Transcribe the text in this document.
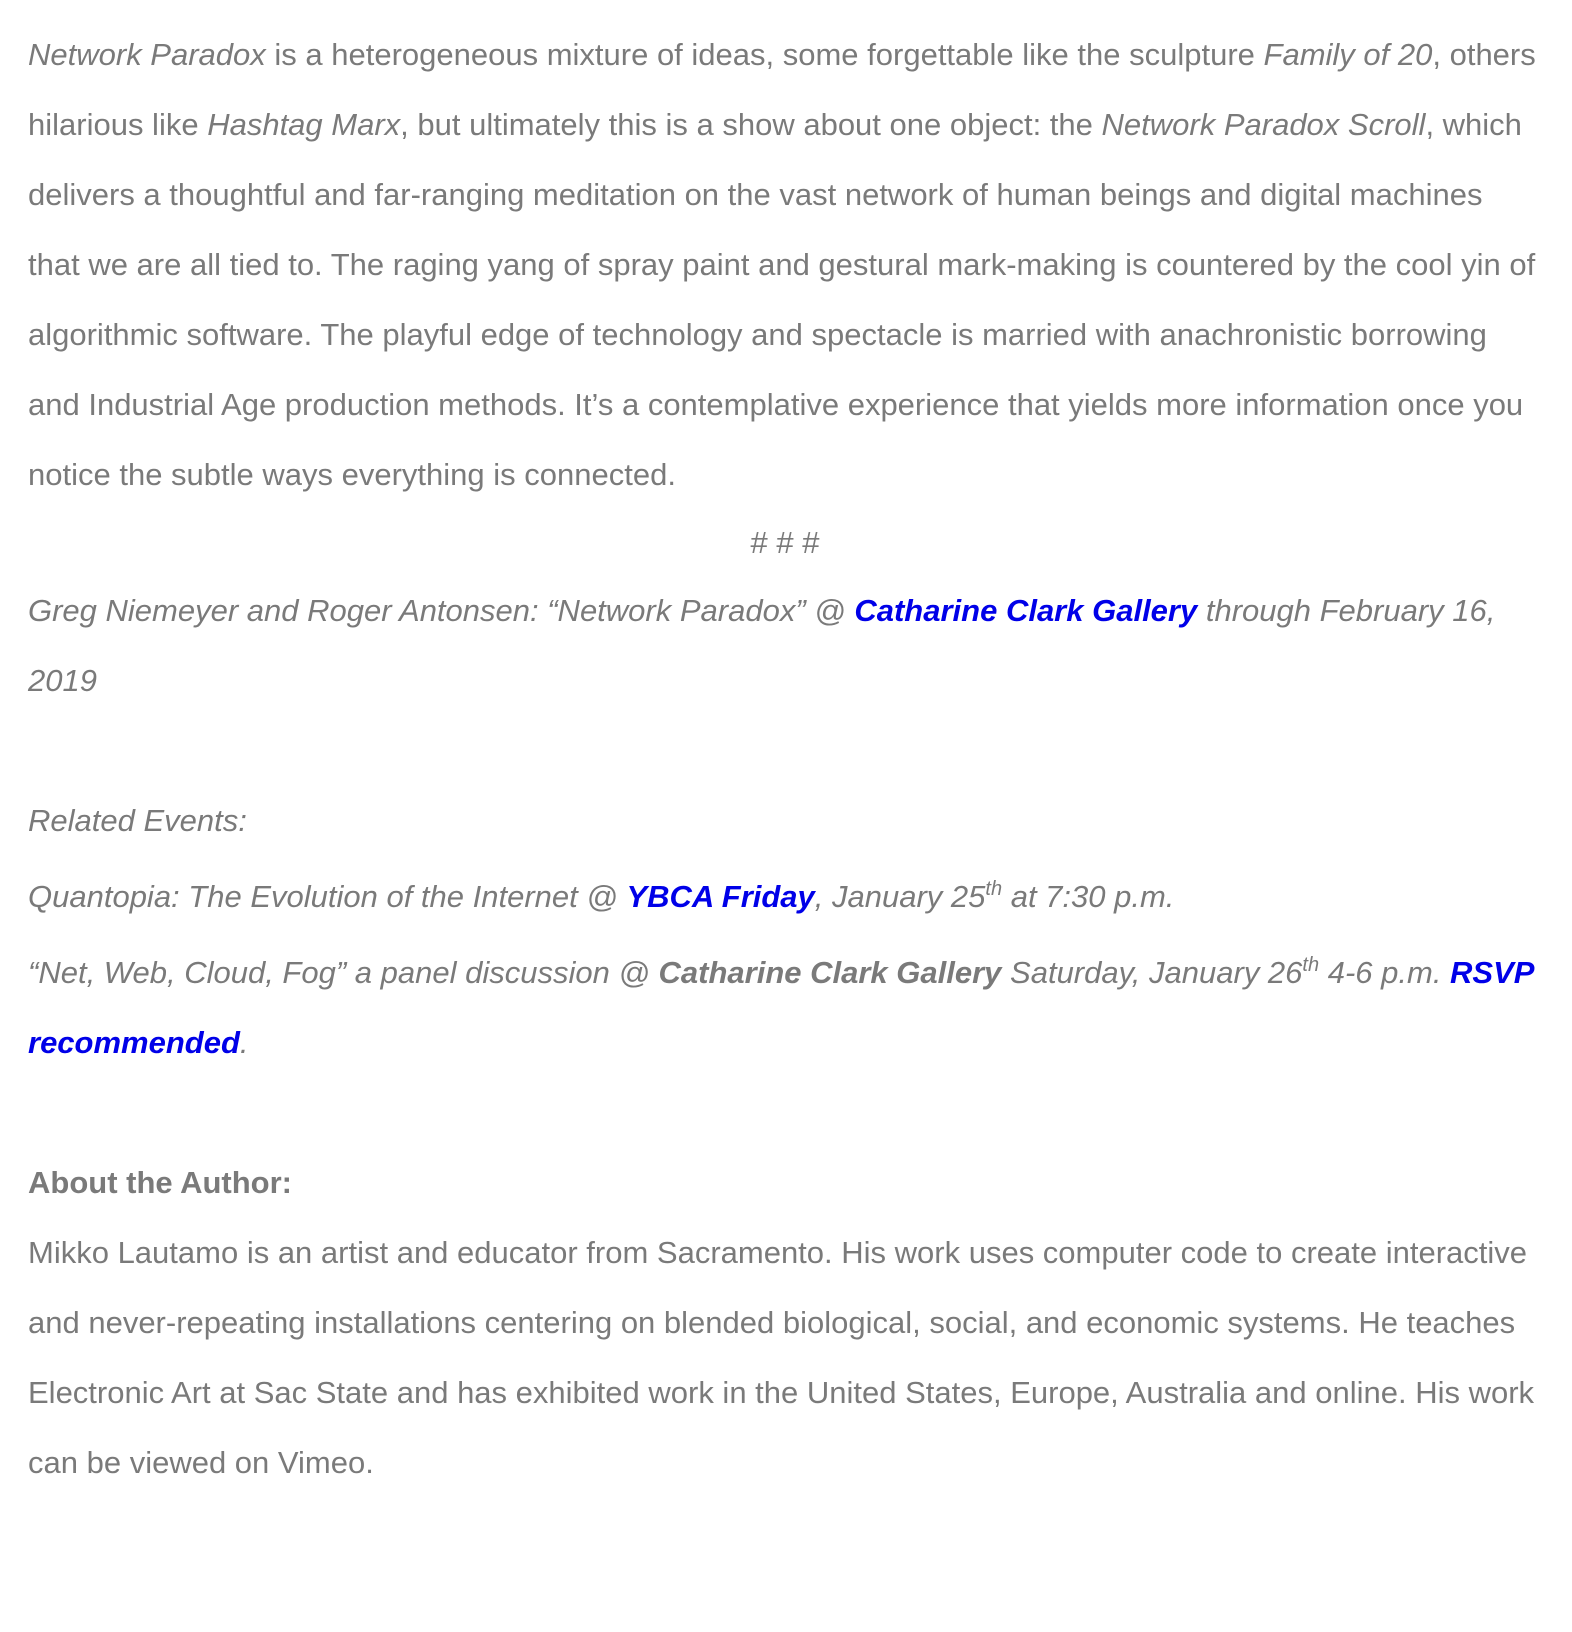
Network Paradox is a heterogeneous mixture of ideas, some forgettable like the sculpture Family of 20, others hilarious like Hashtag Marx, but ultimately this is a show about one object: the Network Paradox Scroll, which delivers a thoughtful and far-ranging meditation on the vast network of human beings and digital machines that we are all tied to. The raging yang of spray paint and gestural mark-making is countered by the cool yin of algorithmic software. The playful edge of technology and spectacle is married with anachronistic borrowing and Industrial Age production methods. It’s a contemplative experience that yields more information once you notice the subtle ways everything is connected.

# # #

Greg Niemeyer and Roger Antonsen: “Network Paradox” @ Catharine Clark Gallery through February 16, 2019

Related Events:

Quantopia: The Evolution of the Internet @ YBCA Friday, January 25th at 7:30 p.m.

“Net, Web, Cloud, Fog” a panel discussion @ Catharine Clark Gallery Saturday, January 26th 4-6 p.m. RSVP recommended.

About the Author:

Mikko Lautamo is an artist and educator from Sacramento. His work uses computer code to create interactive and never-repeating installations centering on blended biological, social, and economic systems. He teaches Electronic Art at Sac State and has exhibited work in the United States, Europe, Australia and online. His work can be viewed on Vimeo.
